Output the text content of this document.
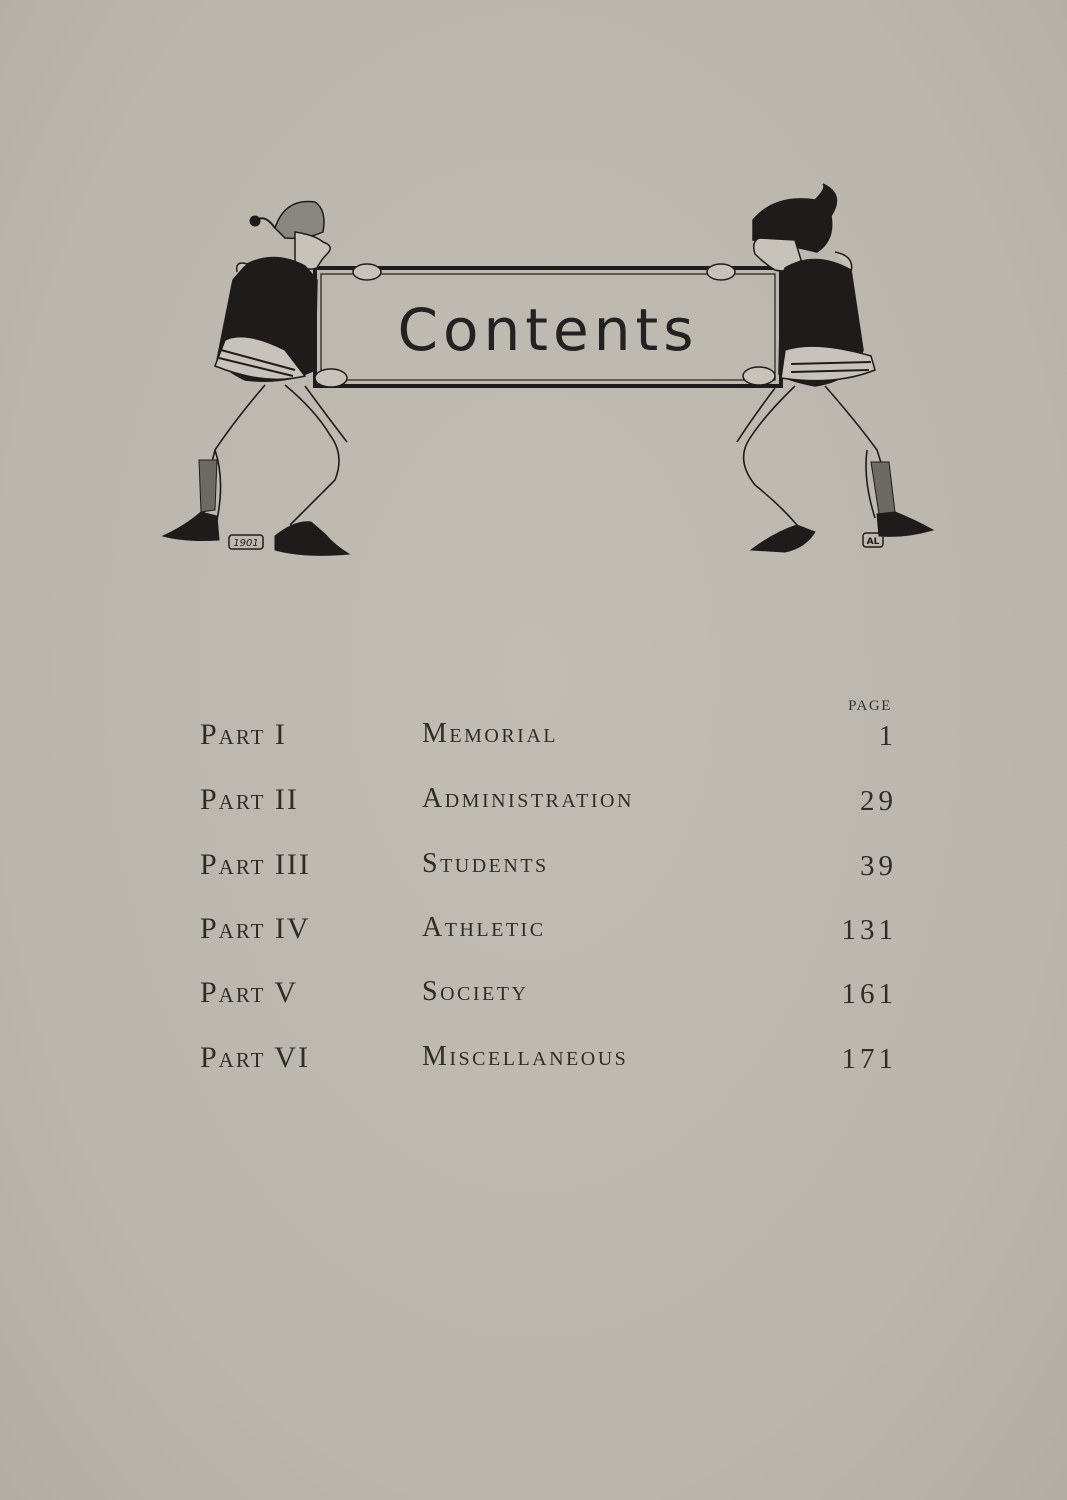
1901	AL
Contents
PAGE
Part I	Memorial	1
Part II	Administration	29
Part III	Students	39
Part IV	Athletic	131
Part V	Society	161
Part VI	Miscellaneous	171
